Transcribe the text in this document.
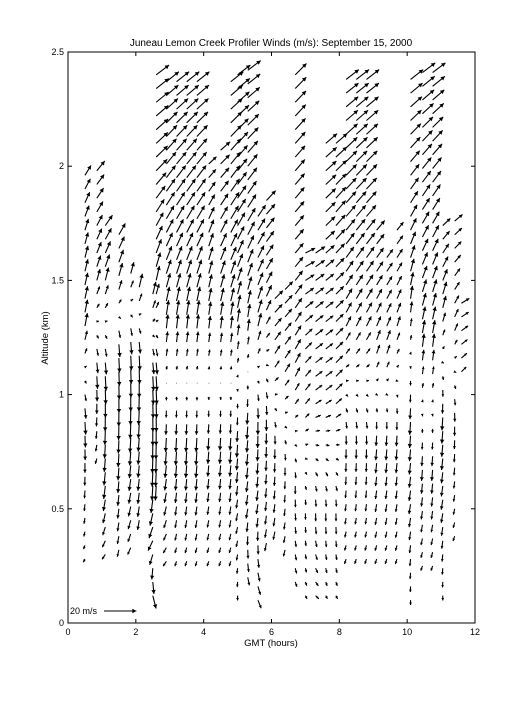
Juneau Lemon Creek Profiler Winds (m/s): September 15, 2000
0	2	4	6	8	10	12
0
0.5
1
1.5
2
2.5
GMT (hours)
Altitude (km)
20 m/s
